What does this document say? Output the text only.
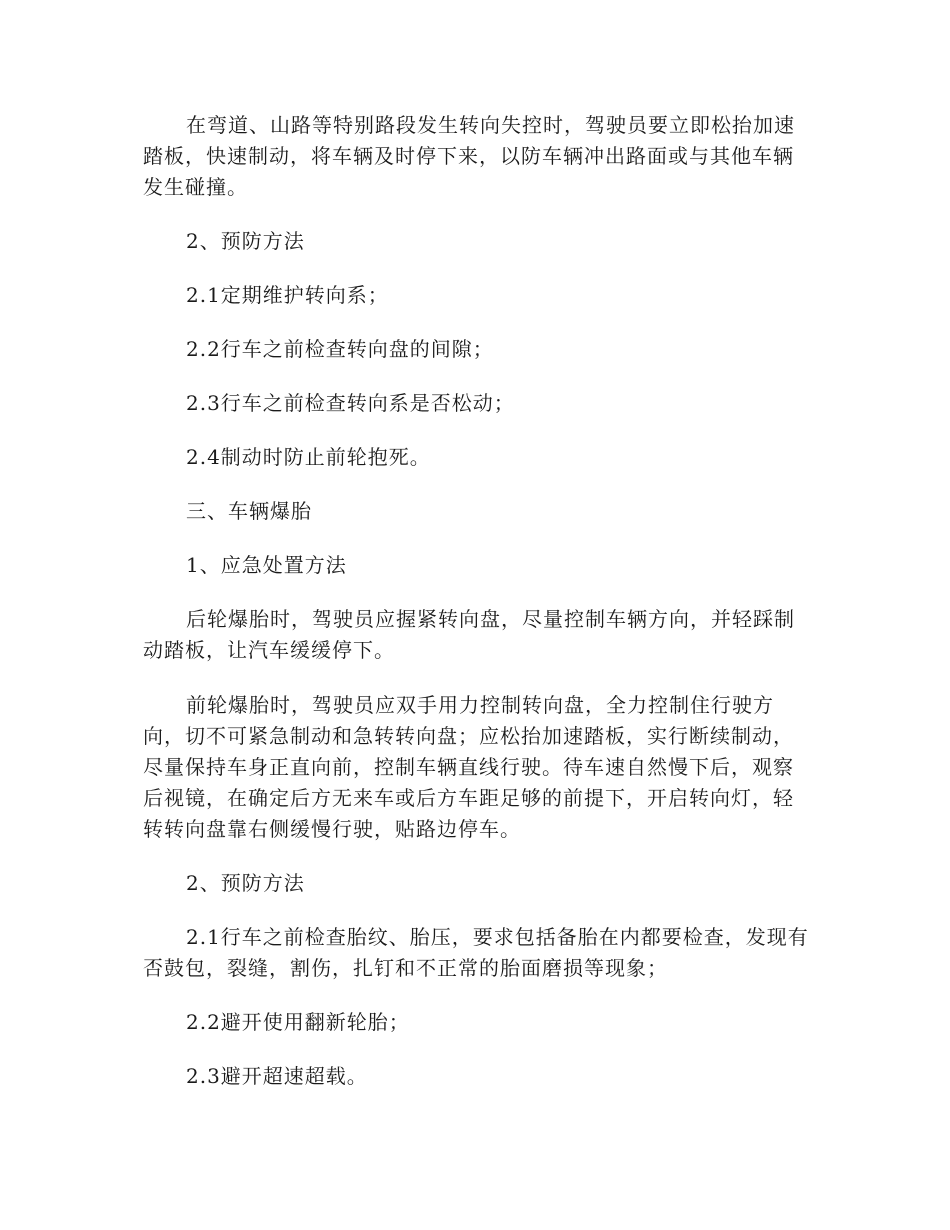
在弯道、山路等特别路段发生转向失控时，驾驶员要立即松抬加速踏板，快速制动，将车辆及时停下来，以防车辆冲出路面或与其他车辆发生碰撞。

2、预防方法

2.1定期维护转向系；

2.2行车之前检查转向盘的间隙；

2.3行车之前检查转向系是否松动；

2.4制动时防止前轮抱死。

三、车辆爆胎

1、应急处置方法

后轮爆胎时，驾驶员应握紧转向盘，尽量控制车辆方向，并轻踩制动踏板，让汽车缓缓停下。

前轮爆胎时，驾驶员应双手用力控制转向盘，全力控制住行驶方向，切不可紧急制动和急转转向盘；应松抬加速踏板，实行断续制动，尽量保持车身正直向前，控制车辆直线行驶。待车速自然慢下后，观察后视镜，在确定后方无来车或后方车距足够的前提下，开启转向灯，轻转转向盘靠右侧缓慢行驶，贴路边停车。

2、预防方法

2.1行车之前检查胎纹、胎压，要求包括备胎在内都要检查，发现有否鼓包，裂缝，割伤，扎钉和不正常的胎面磨损等现象；

2.2避开使用翻新轮胎；

2.3避开超速超载。
